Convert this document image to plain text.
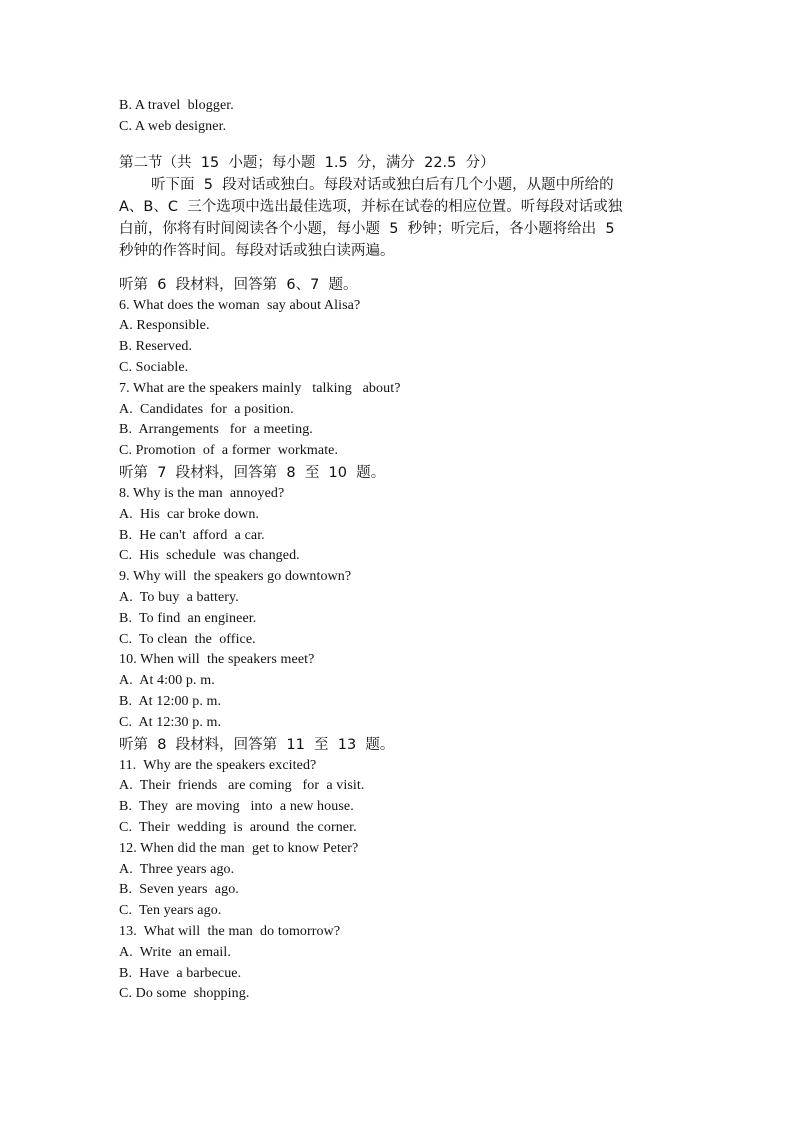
B. A travel  blogger.
C. A web designer.
第二节（共  15  小题；每小题  1.5  分，满分  22.5  分）
听下面  5  段对话或独白。每段对话或独白后有几个小题，从题中所给的
A、B、C  三个选项中选出最佳选项，并标在试卷的相应位置。听每段对话或独
白前，你将有时间阅读各个小题，每小题  5  秒钟；听完后，各小题将给出  5
秒钟的作答时间。每段对话或独白读两遍。
听第  6  段材料，回答第  6、7  题。
6. What does the woman  say about Alisa?
A. Responsible.
B. Reserved.
C. Sociable.
7. What are the speakers mainly   talking   about?
A.  Candidates  for  a position.
B.  Arrangements   for  a meeting.
C. Promotion  of  a former  workmate.
听第  7  段材料，回答第  8  至  10  题。
8. Why is the man  annoyed?
A.  His  car broke down.
B.  He can't  afford  a car.
C.  His  schedule  was changed.
9. Why will  the speakers go downtown?
A.  To buy  a battery.
B.  To find  an engineer.
C.  To clean  the  office.
10. When will  the speakers meet?
A.  At 4:00 p. m.
B.  At 12:00 p. m.
C.  At 12:30 p. m.
听第  8  段材料，回答第  11  至  13  题。
11.  Why are the speakers excited?
A.  Their  friends   are coming   for  a visit.
B.  They  are moving   into  a new house.
C.  Their  wedding  is  around  the corner.
12. When did the man  get to know Peter?
A.  Three years ago.
B.  Seven years  ago.
C.  Ten years ago.
13.  What will  the man  do tomorrow?
A.  Write  an email.
B.  Have  a barbecue.
C. Do some  shopping.
